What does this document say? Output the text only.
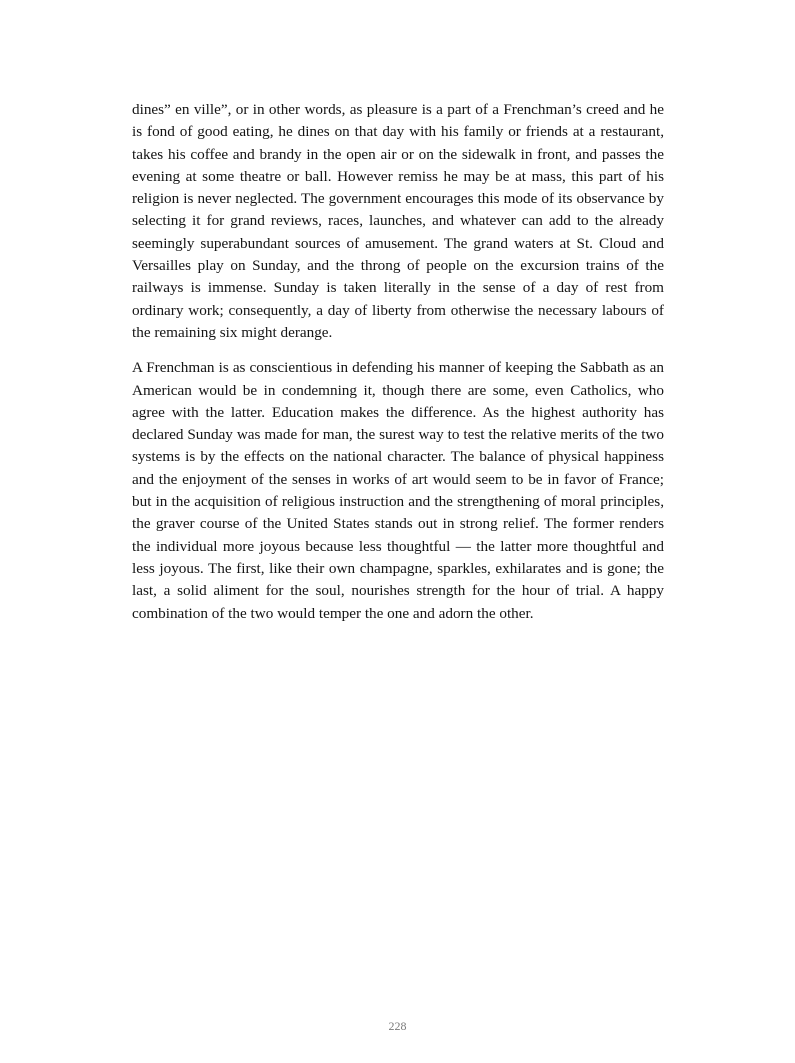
dines” en ville”, or in other words, as pleasure is a part of a Frenchman’s creed and he is fond of good eating, he dines on that day with his family or friends at a restaurant, takes his coffee and brandy in the open air or on the sidewalk in front, and passes the evening at some theatre or ball. However remiss he may be at mass, this part of his religion is never neglected. The government encourages this mode of its observance by selecting it for grand reviews, races, launches, and whatever can add to the already seemingly superabundant sources of amusement. The grand waters at St. Cloud and Versailles play on Sunday, and the throng of people on the excursion trains of the railways is immense. Sunday is taken literally in the sense of a day of rest from ordinary work; consequently, a day of liberty from otherwise the necessary labours of the remaining six might derange.

A Frenchman is as conscientious in defending his manner of keeping the Sabbath as an American would be in condemning it, though there are some, even Catholics, who agree with the latter. Education makes the difference. As the highest authority has declared Sunday was made for man, the surest way to test the relative merits of the two systems is by the effects on the national character. The balance of physical happiness and the enjoyment of the senses in works of art would seem to be in favor of France; but in the acquisition of religious instruction and the strengthening of moral principles, the graver course of the United States stands out in strong relief. The former renders the individual more joyous because less thoughtful — the latter more thoughtful and less joyous. The first, like their own champagne, sparkles, exhilarates and is gone; the last, a solid aliment for the soul, nourishes strength for the hour of trial. A happy combination of the two would temper the one and adorn the other.

228
